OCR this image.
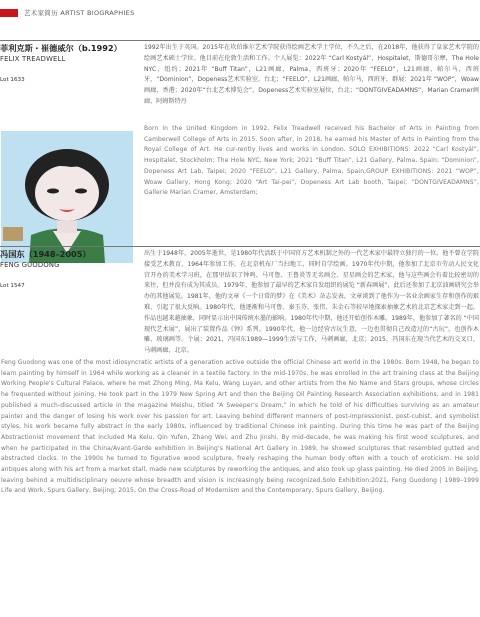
艺术家简历 ARTIST BIOGRAPHIES
菲利克斯・崔德威尔（b.1992）
FELIX TREADWELL
Lot 1633
1992年出生于英国。2015年在坎伯维尔艺术学院获得绘画艺术学士学位，不久之后，在2018年，他获得了皇家艺术学院的绘画艺术硕士学位。他目前在伦敦生活和工作。个人展览：2022年 “Carl Kostyál”，Hospitalet，斯德哥尔摩，The Hole NYC，纽约；2021年 “Buff Titan”，L21画廊，Palma，西班牙；2020年 “FEELO”，L21画廊，帕尔马，西班牙，“Dominion”，Dopeness艺术实验室，台北；“FEELO”，L21画廊，帕尔马，西班牙，群展：2021年 “WOP”，Woaw画廊，香港；2020年“台北艺术博览会”，Dopeness艺术实验室展位，台北；“DONTGIVEADAMNS”，Marian Cramer画廊，阿姆斯特丹
Born in the United Kingdom in 1992, Felix Treadwell received his Bachelor of Arts in Painting from Camberwell College of Arts in 2015. Soon after, in 2018, he earned his Master of Arts in Painting from the Royal College of Art. He cur-rently lives and works in London. SOLO EXHIBITIONS: 2022 “Carl Kostyál”, Hospitalet, Stockholm; The Hole NYC, New York; 2021 “Buff Titan”, L21 Gallery, Palma, Spain; “Dominion”, Dopeness Art Lab, Taipei; 2020 “FEELO”, L21 Gallery, Palma, Spain,GROUP EXHIBITIONS: 2021 “WOP”, Woaw Gallery, Hong Kong; 2020 “Art Tai-pei”, Dopeness Art Lab booth, Taipei; “DONTGIVEADAMNS”, Gallerie Marian Cramer, Amsterdam;
冯国东（1948–2005）
FENG GUODONG
Lot 1547
出生于1948年，2005年逝世，是1980年代活跃于中国官方艺术机制之外的一代艺术家中最特立独行的一位。他不曾在学院接受艺术教育，1964年参加工作，在北京机布厂当扫地工，同时自学绘画。1970年代中期，他参加了北京市劳动人民文化宫开办的美术学习班，在那里结识了钟鸣、马可鲁、王鲁炎等无名画会、星星画会的艺术家，他与这些画会有着比较密切的来往，但并没有成为其成员。1979年，他参加了最早的艺术家自发组织的展览 “新春画展”，此后还参加了北京油画研究会举办的其他展览。1981年，他的文章《一个日常的梦》在《美术》杂志发表，文章谈到了他作为一名业余画家生存和创作的艰难，引起了很大反响。1980年代，他逐渐和马可鲁、秦玉芬、张伟、朱金石等较早地探索抽象艺术的北京艺术家走到一起，作品也越来越抽象，同时显示出中国传统水墨的影响。1980年代中期，他还开始创作木雕。1989年，他参加了著名的 “中国现代艺术展”，展出了装置作品《钟》系列。1990年代，他一边经营古玩生意，一边也贯彻自己改造过的“古玩”，也创作木雕、玻璃画等。个展：2021，冯国东1989—1999生活与工作，马刺画廊，北京；2015，冯国东在现当代艺术的交叉口，马刺画廊，北京。
Feng Guodong was one of the most idiosyncratic artists of a generation active outside the official Chinese art world in the 1980s. Born 1948, he began to learn painting by himself in 1964 while working as a cleaner in a textile factory. In the mid-1970s, he was enrolled in the art training class at the Beijing Working People's Cultural Palace, where he met Zhong Ming, Ma Kelu, Wang Luyan, and other artists from the No Name and Stars groups, whose circles he frequented without joining. He took part in the 1979 New Spring Art and then the Beijing Oil Painting Research Association exhibitions, and in 1981 published a much-discussed article in the magazine Meishu, titled “A Sweeper's Dream,” in which he told of his difficulties surviving as an amateur painter and the danger of losing his work over his passion for art. Leaving behind different manners of post-impressionist, post-cubist, and symbolist styles, his work became fully abstract in the early 1980s, influenced by traditional Chinese ink painting. During this time he was part of the Beijing Abstractionist movement that included Ma Kelu, Qin Yufen, Zhang Wei, and Zhu Jinshi. By mid-decade, he was making his first wood sculptures, and when he participated in the China/Avant-Garde exhibition in Beijing's National Art Gallery in 1989, he showed sculptures that resembled gutted and abstracted clocks. In the 1990s he turned to figurative wood sculpture, freely reshaping the human body often with a touch of eroticism. He sold antiques along with his art from a market stall, made new sculptures by reworking the antiques, and also took up glass painting. He died 2005 in Beijing, leaving behind a multidisciplinary oeuvre whose breadth and vision is increasingly being recognized.Solo Exhibition:2021, Feng Guodong | 1989–1999 Life and Work, Spurs Gallery, Beijing; 2015, On the Cross-Road of Modernism and the Contemporary, Spurs Gallery, Beijing.
